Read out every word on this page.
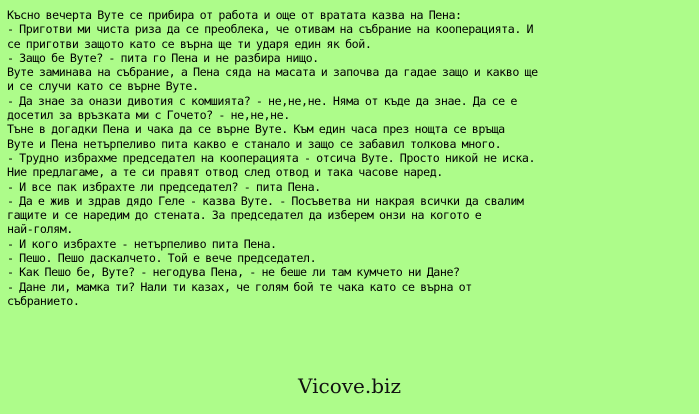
Късно вечерта Вуте се прибира от работа и още от вратата казва на Пена:
- Приготви ми чиста риза да се преоблека, че отивам на събрание на кооперацията. И
се приготви защото като се върна ще ти ударя един як бой.
- Защо бе Вуте? - пита го Пена и не разбира нищо.
Вуте заминава на събрание, а Пена сяда на масата и започва да гадае защо и какво ще
и се случи като се върне Вуте.
- Да знае за онази дивотия с комшията? - не,не,не. Няма от къде да знае. Да се е
досетил за връзката ми с Гочето? - не,не,не.
Тъне в догадки Пена и чака да се върне Вуте. Към един часа през нощта се връща
Вуте и Пена нетърпеливо пита какво е станало и защо се забавил толкова много.
- Трудно избрахме председател на кооперацията - отсича Вуте. Просто никой не иска.
Ние предлагаме, а те си правят отвод след отвод и така часове наред.
- И все пак избрахте ли председател? - пита Пена.
- Да е жив и здрав дядо Геле - казва Вуте. - Посъветва ни накрая всички да свалим
гащите и се наредим до стената. За председател да изберем онзи на когото е
най-голям.
- И кого избрахте - нетърпеливо пита Пена.
- Пешо. Пешо даскалчето. Той е вече председател.
- Как Пешо бе, Вуте? - негодува Пена, - не беше ли там кумчето ни Дане?
- Дане ли, мамка ти? Нали ти казах, че голям бой те чака като се върна от
събранието.
Vicove.biz
